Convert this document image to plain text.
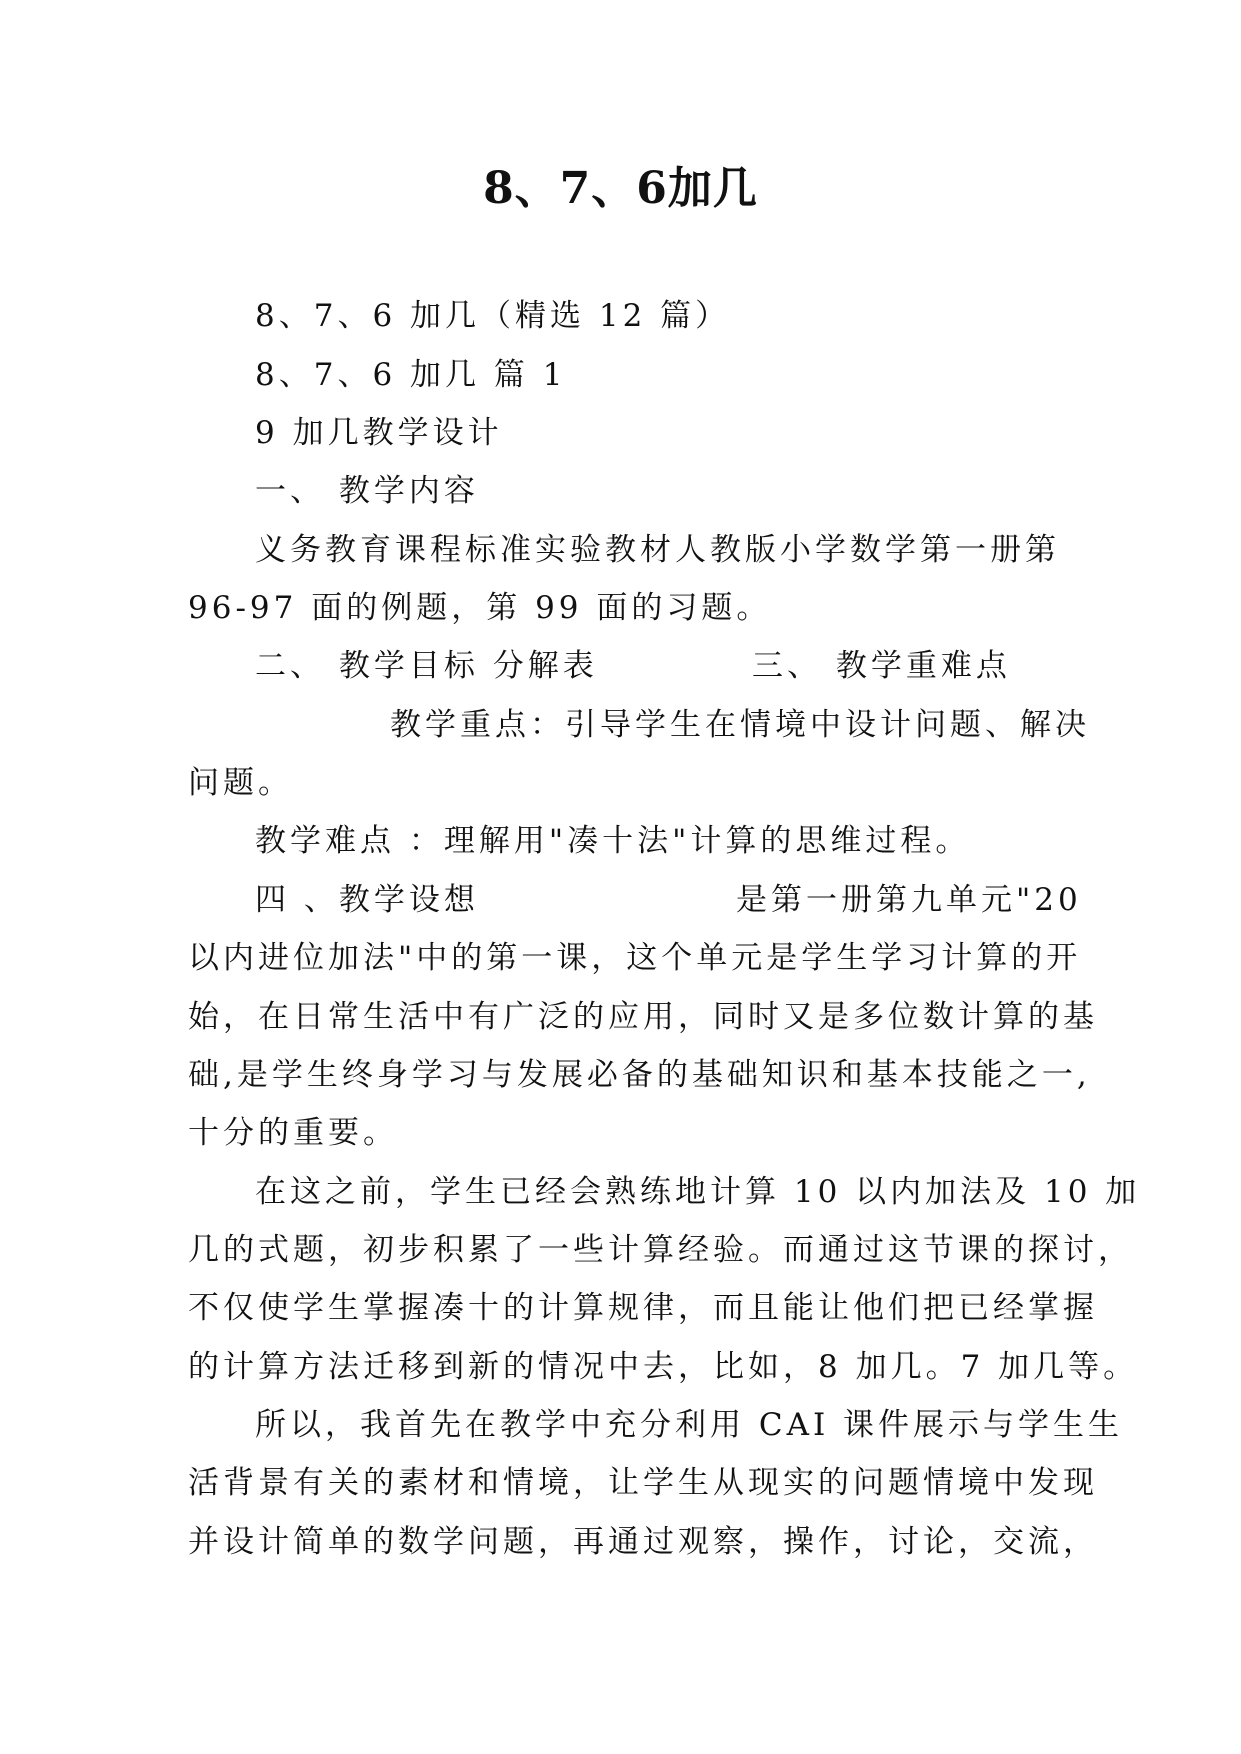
8、7、6加几
8、7、6 加几（精选 12 篇）
8、7、6 加几 篇 1
9 加几教学设计
一、 教学内容
义务教育课程标准实验教材人教版小学数学第一册第
96-97 面的例题，第 99 面的习题。
二、 教学目标 分解表	三、 教学重难点
教学重点：引导学生在情境中设计问题、解决
问题。
教学难点 ：理解用"凑十法"计算的思维过程。
四 、教学设想	是第一册第九单元"20
以内进位加法"中的第一课，这个单元是学生学习计算的开
始，在日常生活中有广泛的应用，同时又是多位数计算的基
础,是学生终身学习与发展必备的基础知识和基本技能之一,
十分的重要。
在这之前，学生已经会熟练地计算 10 以内加法及 10 加
几的式题，初步积累了一些计算经验。而通过这节课的探讨，
不仅使学生掌握凑十的计算规律，而且能让他们把已经掌握
的计算方法迁移到新的情况中去，比如，8 加几。7 加几等。
所以，我首先在教学中充分利用 CAI 课件展示与学生生
活背景有关的素材和情境，让学生从现实的问题情境中发现
并设计简单的数学问题，再通过观察，操作，讨论，交流，
